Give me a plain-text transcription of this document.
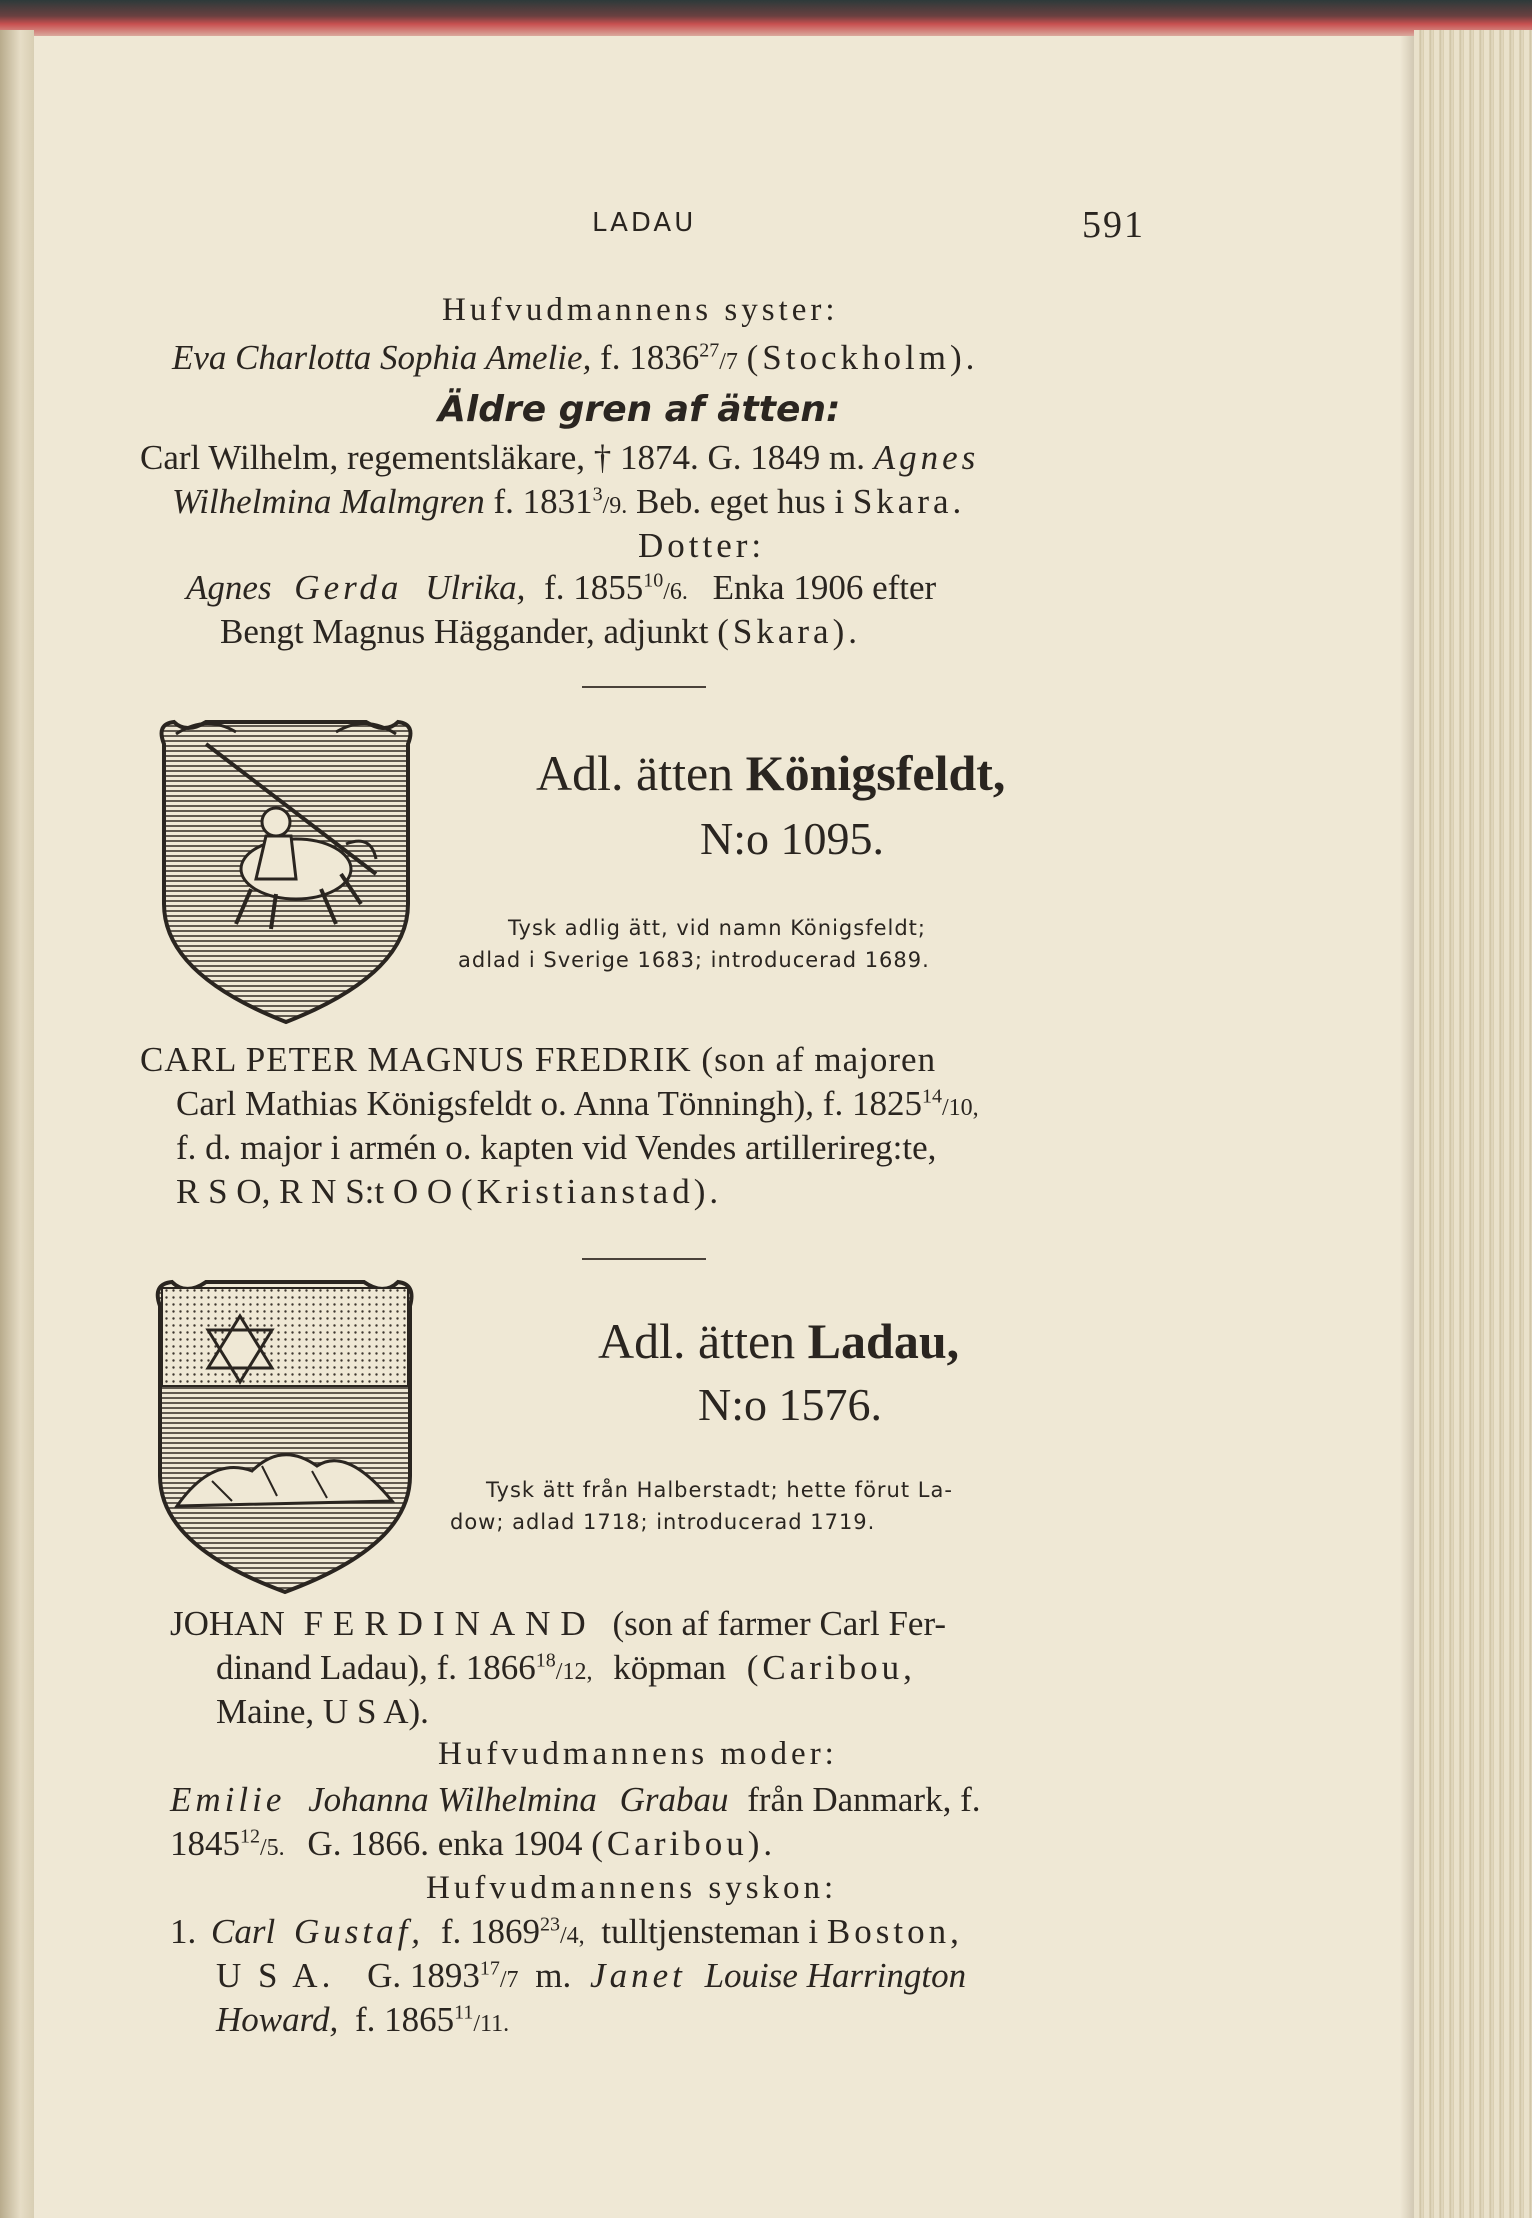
LADAU	591
Hufvudmannens syster:
Eva Charlotta Sophia Amelie, f. 1836$^{27}$/7 (Stockholm).
Äldre gren af ätten:
Carl Wilhelm, regementsläkare, † 1874. G. 1849 m. Agnes
Wilhelmina Malmgren f. 1831$^3$/9. Beb. eget hus i Skara.
Dotter:
Agnes Gerda Ulrika, f. 1855$^{10}$/6. Enka 1906 efter
Bengt Magnus Häggander, adjunkt (Skara).
Adl. ätten Königsfeldt,
N:o 1095.
Tysk adlig ätt, vid namn Königsfeldt;
adlad i Sverige 1683; introducerad 1689.
CARL PETER MAGNUS FREDRIK (son af majoren
Carl Mathias Königsfeldt o. Anna Tönningh), f. 1825$^{14}$/10,
f. d. major i armén o. kapten vid Vendes artillerireg:te,
R S O, R N S:t O O (Kristianstad).
Adl. ätten Ladau,
N:o 1576.
Tysk ätt från Halberstadt; hette förut La-
dow; adlad 1718; introducerad 1719.
JOHAN FERDINAND (son af farmer Carl Fer-
dinand Ladau), f. 1866$^{18}$/12, köpman (Caribou,
Maine, U S A).
Hufvudmannens moder:
Emilie Johanna Wilhelmina Grabau från Danmark, f.
1845$^{12}$/5. G. 1866. enka 1904 (Caribou).
Hufvudmannens syskon:
1. Carl Gustaf, f. 1869$^{23}$/4, tulltjensteman i Boston,
U S A. G. 1893$^{17}$/7 m. Janet Louise Harrington
Howard, f. 1865$^{11}$/11.
